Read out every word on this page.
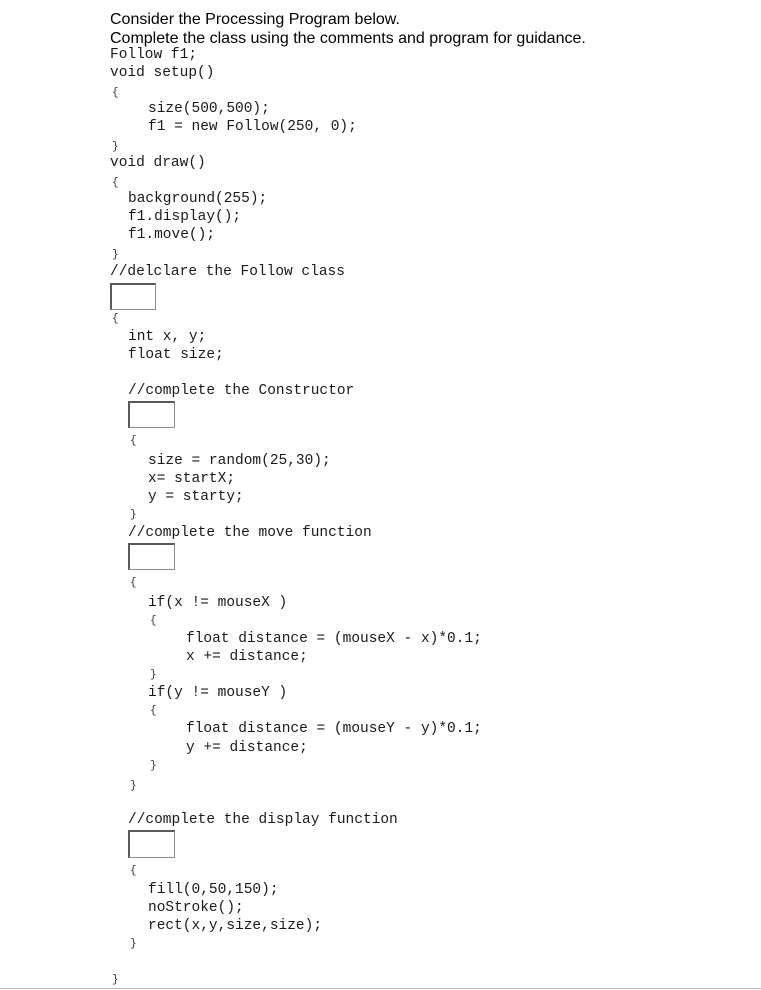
Consider the Processing Program below.
Complete the class using the comments and program for guidance.
Follow f1;
void setup()
{
size(500,500);
f1 = new Follow(250, 0);
}
void draw()
{
background(255);
f1.display();
f1.move();
}
//delclare the Follow class
{
int x, y;
float size;
//complete the Constructor
{
size = random(25,30);
x= startX;
y = starty;
}
//complete the move function
{
if(x != mouseX )
{
float distance = (mouseX - x)*0.1;
x += distance;
}
if(y != mouseY )
{
float distance = (mouseY - y)*0.1;
y += distance;
}
}
//complete the display function
{
fill(0,50,150);
noStroke();
rect(x,y,size,size);
}
}
